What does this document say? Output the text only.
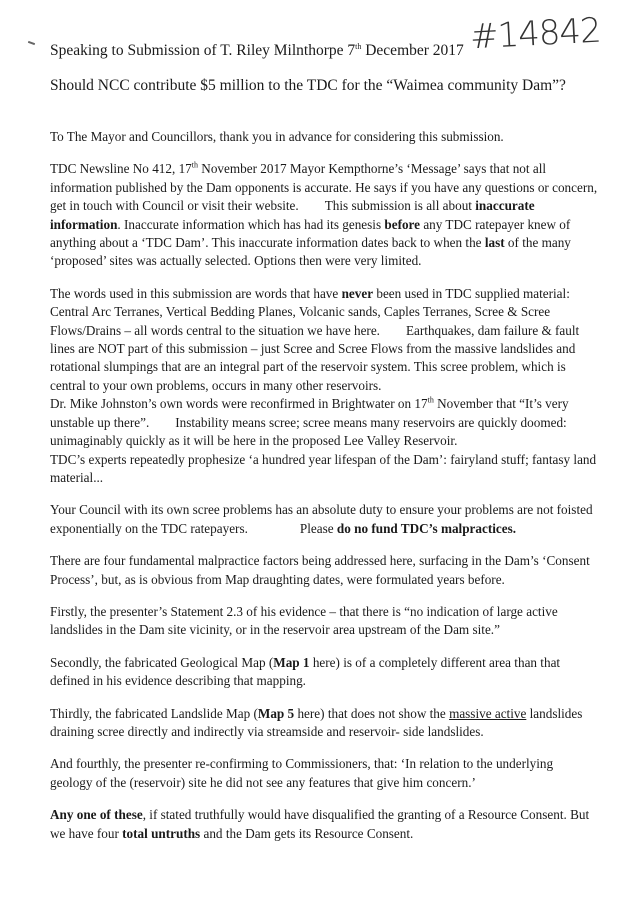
#14842
Speaking to Submission of T. Riley Milnthorpe 7th December 2017
Should NCC contribute $5 million to the TDC for the “Waimea community Dam”?

To The Mayor and Councillors, thank you in advance for considering this submission.

TDC Newsline No 412, 17th November 2017 Mayor Kempthorne’s ‘Message’ says that not all information published by the Dam opponents is accurate. He says if you have any questions or concern, get in touch with Council or visit their website. This submission is all about inaccurate information. Inaccurate information which has had its genesis before any TDC ratepayer knew of anything about a ‘TDC Dam’. This inaccurate information dates back to when the last of the many ‘proposed’ sites was actually selected. Options then were very limited.

The words used in this submission are words that have never been used in TDC supplied material: Central Arc Terranes, Vertical Bedding Planes, Volcanic sands, Caples Terranes, Scree & Scree Flows/Drains – all words central to the situation we have here. Earthquakes, dam failure & fault lines are NOT part of this submission – just Scree and Scree Flows from the massive landslides and rotational slumpings that are an integral part of the reservoir system. This scree problem, which is central to your own problems, occurs in many other reservoirs.
Dr. Mike Johnston’s own words were reconfirmed in Brightwater on 17th November that “It’s very unstable up there”. Instability means scree; scree means many reservoirs are quickly doomed: unimaginably quickly as it will be here in the proposed Lee Valley Reservoir.
TDC’s experts repeatedly prophesize ‘a hundred year lifespan of the Dam’: fairyland stuff; fantasy land material...

Your Council with its own scree problems has an absolute duty to ensure your problems are not foisted exponentially on the TDC ratepayers.	Please do no fund TDC’s malpractices.

There are four fundamental malpractice factors being addressed here, surfacing in the Dam’s ‘Consent Process’, but, as is obvious from Map draughting dates, were formulated years before.

Firstly, the presenter’s Statement 2.3 of his evidence – that there is “no indication of large active landslides in the Dam site vicinity, or in the reservoir area upstream of the Dam site.”

Secondly, the fabricated Geological Map (Map 1 here) is of a completely different area than that defined in his evidence describing that mapping.

Thirdly, the fabricated Landslide Map (Map 5 here) that does not show the massive active landslides draining scree directly and indirectly via streamside and reservoir- side landslides.

And fourthly, the presenter re-confirming to Commissioners, that: ‘In relation to the underlying geology of the (reservoir) site he did not see any features that give him concern.’

Any one of these, if stated truthfully would have disqualified the granting of a Resource Consent. But we have four total untruths and the Dam gets its Resource Consent.
